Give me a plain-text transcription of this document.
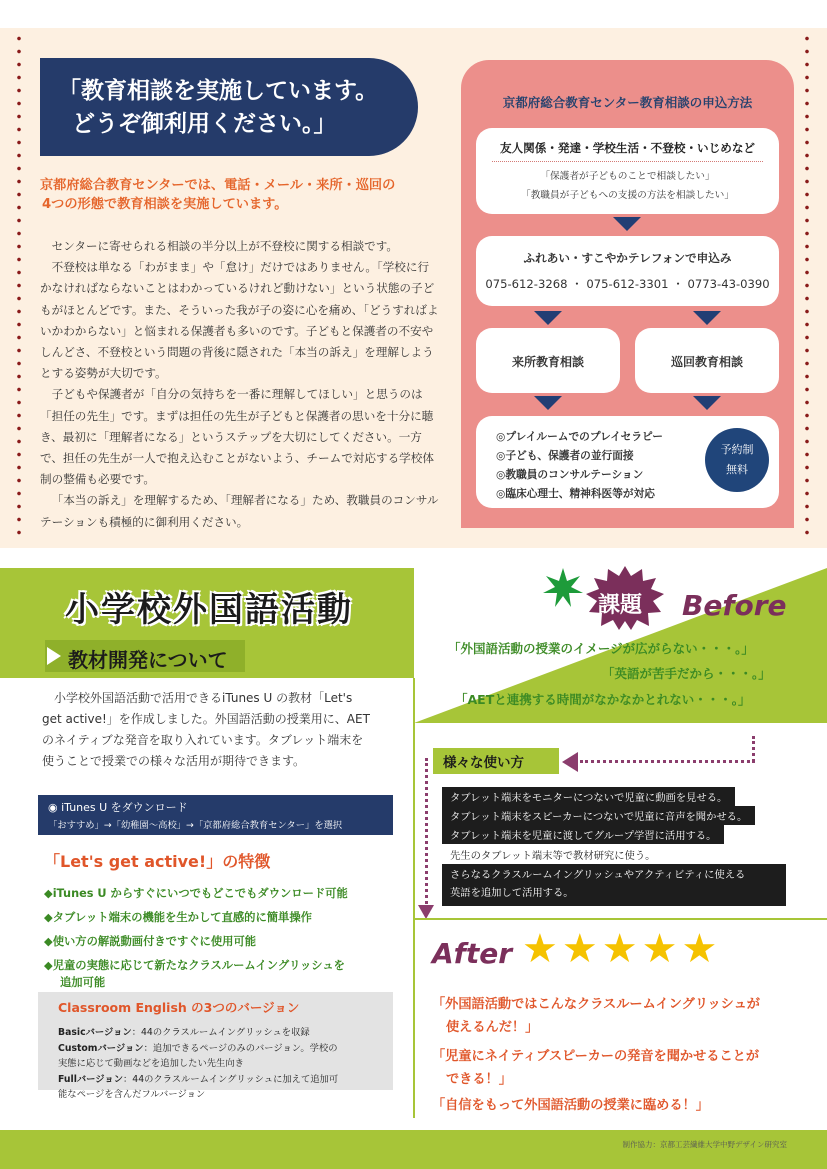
「教育相談を実施しています。
どうぞ御利用ください。」
京都府総合教育センターでは、電話・メール・来所・巡回の
4つの形態で教育相談を実施しています。

センターに寄せられる相談の半分以上が不登校に関する相談です。

不登校は単なる「わがまま」や「怠け」だけではありません。「学校に行かなければならないことはわかっているけれど動けない」という状態の子どもがほとんどです。また、そういった我が子の姿に心を痛め、「どうすればよいかわからない」と悩まれる保護者も多いのです。子どもと保護者の不安やしんどさ、不登校という問題の背後に隠された「本当の訴え」を理解しようとする姿勢が大切です。

子どもや保護者が「自分の気持ちを一番に理解してほしい」と思うのは「担任の先生」です。まずは担任の先生が子どもと保護者の思いを十分に聴き、最初に「理解者になる」というステップを大切にしてください。一方で、担任の先生が一人で抱え込むことがないよう、チームで対応する学校体制の整備も必要です。

「本当の訴え」を理解するため、「理解者になる」ため、教職員のコンサルテーションも積極的に御利用ください。

京都府総合教育センター教育相談の申込方法
友人関係・発達・学校生活・不登校・いじめなど
「保護者が子どものことで相談したい」
「教職員が子どもへの支援の方法を相談したい」
ふれあい・すこやかテレフォンで申込み
075-612-3268 ・ 075-612-3301 ・ 0773-43-0390
来所教育相談	巡回教育相談
◎プレイルームでのプレイセラピー
◎子ども、保護者の並行面接
◎教職員のコンサルテーション
◎臨床心理士、精神科医等が対応
予約制
無料
小学校外国語活動
教材開発について
小学校外国語活動で活用できるiTunes U の教材「Let's
get active!」を作成しました。外国語活動の授業用に、AET
のネイティブな発音を取り入れています。タブレット端末を
使うことで授業での様々な活用が期待できます。
◉ iTunes U をダウンロード
「おすすめ」→「幼稚園〜高校」→「京都府総合教育センター」を選択
「Let's get active!」の特徴
◆iTunes U からすぐにいつでもどこでもダウンロード可能
◆タブレット端末の機能を生かして直感的に簡単操作
◆使い方の解説動画付きですぐに使用可能
◆児童の実態に応じて新たなクラスルームイングリッシュを
追加可能
Classroom English の3つのバージョン
Basicバージョン：44のクラスルームイングリッシュを収録
Customバージョン：追加できるページのみのバージョン。学校の
実態に応じて動画などを追加したい先生向き
Fullバージョン：44のクラスルームイングリッシュに加えて追加可
能なページを含んだフルバージョン
課題 Before
「外国語活動の授業のイメージが広がらない・・・。」
「英語が苦手だから・・・。」
「AETと連携する時間がなかなかとれない・・・。」
様々な使い方
タブレット端末をモニターにつないで児童に動画を見せる。
タブレット端末をスピーカーにつないで児童に音声を聞かせる。
タブレット端末を児童に渡してグループ学習に活用する。
先生のタブレット端末等で教材研究に使う。
さらなるクラスルームイングリッシュやアクティビティに使える
英語を追加して活用する。
After ★★★★★
「外国語活動ではこんなクラスルームイングリッシュが
使えるんだ！」
「児童にネイティブスピーカーの発音を聞かせることが
できる！」
「自信をもって外国語活動の授業に臨める！」
制作協力：京都工芸繊維大学中野デザイン研究室
